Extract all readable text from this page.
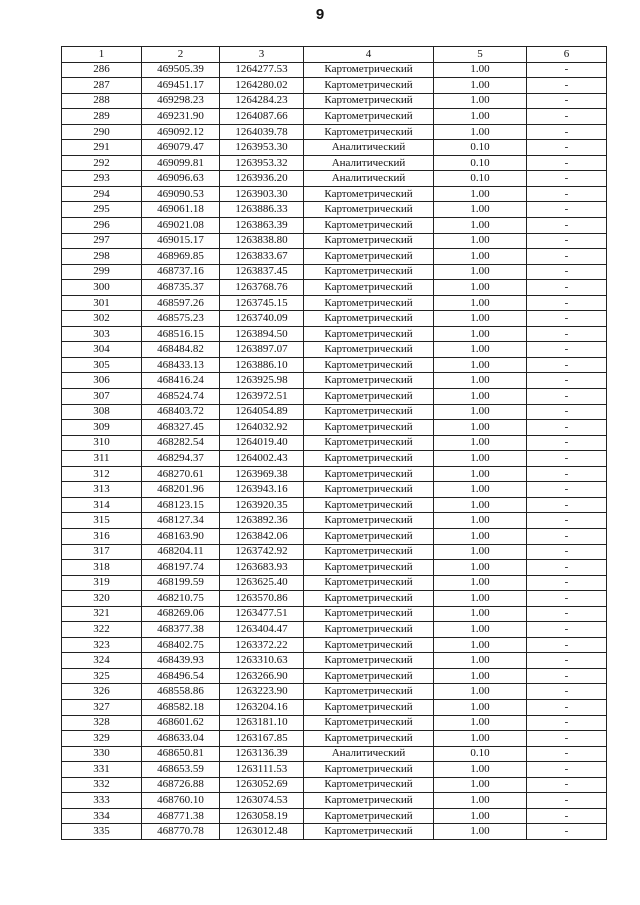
9
1	2	3	4	5	6
286	469505.39	1264277.53	Картометрический	1.00	-
287	469451.17	1264280.02	Картометрический	1.00	-
288	469298.23	1264284.23	Картометрический	1.00	-
289	469231.90	1264087.66	Картометрический	1.00	-
290	469092.12	1264039.78	Картометрический	1.00	-
291	469079.47	1263953.30	Аналитический	0.10	-
292	469099.81	1263953.32	Аналитический	0.10	-
293	469096.63	1263936.20	Аналитический	0.10	-
294	469090.53	1263903.30	Картометрический	1.00	-
295	469061.18	1263886.33	Картометрический	1.00	-
296	469021.08	1263863.39	Картометрический	1.00	-
297	469015.17	1263838.80	Картометрический	1.00	-
298	468969.85	1263833.67	Картометрический	1.00	-
299	468737.16	1263837.45	Картометрический	1.00	-
300	468735.37	1263768.76	Картометрический	1.00	-
301	468597.26	1263745.15	Картометрический	1.00	-
302	468575.23	1263740.09	Картометрический	1.00	-
303	468516.15	1263894.50	Картометрический	1.00	-
304	468484.82	1263897.07	Картометрический	1.00	-
305	468433.13	1263886.10	Картометрический	1.00	-
306	468416.24	1263925.98	Картометрический	1.00	-
307	468524.74	1263972.51	Картометрический	1.00	-
308	468403.72	1264054.89	Картометрический	1.00	-
309	468327.45	1264032.92	Картометрический	1.00	-
310	468282.54	1264019.40	Картометрический	1.00	-
311	468294.37	1264002.43	Картометрический	1.00	-
312	468270.61	1263969.38	Картометрический	1.00	-
313	468201.96	1263943.16	Картометрический	1.00	-
314	468123.15	1263920.35	Картометрический	1.00	-
315	468127.34	1263892.36	Картометрический	1.00	-
316	468163.90	1263842.06	Картометрический	1.00	-
317	468204.11	1263742.92	Картометрический	1.00	-
318	468197.74	1263683.93	Картометрический	1.00	-
319	468199.59	1263625.40	Картометрический	1.00	-
320	468210.75	1263570.86	Картометрический	1.00	-
321	468269.06	1263477.51	Картометрический	1.00	-
322	468377.38	1263404.47	Картометрический	1.00	-
323	468402.75	1263372.22	Картометрический	1.00	-
324	468439.93	1263310.63	Картометрический	1.00	-
325	468496.54	1263266.90	Картометрический	1.00	-
326	468558.86	1263223.90	Картометрический	1.00	-
327	468582.18	1263204.16	Картометрический	1.00	-
328	468601.62	1263181.10	Картометрический	1.00	-
329	468633.04	1263167.85	Картометрический	1.00	-
330	468650.81	1263136.39	Аналитический	0.10	-
331	468653.59	1263111.53	Картометрический	1.00	-
332	468726.88	1263052.69	Картометрический	1.00	-
333	468760.10	1263074.53	Картометрический	1.00	-
334	468771.38	1263058.19	Картометрический	1.00	-
335	468770.78	1263012.48	Картометрический	1.00	-
